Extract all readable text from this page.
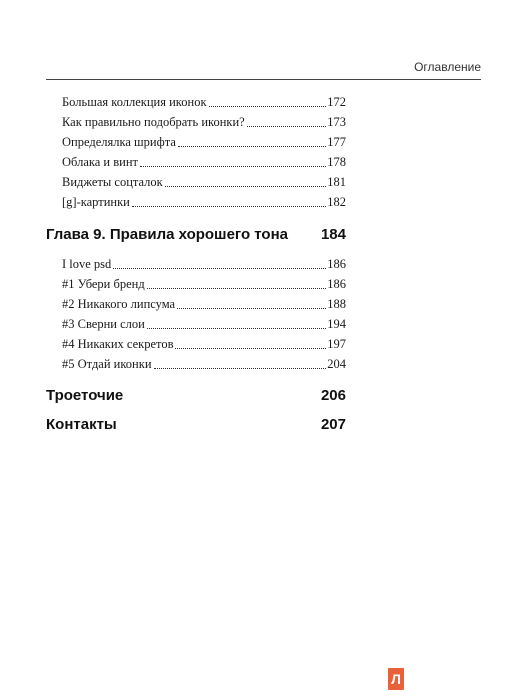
Оглавление
Большая коллекция иконок	172
Как правильно подобрать иконки?	173
Определялка шрифта	177
Облака и винт	178
Виджеты соцталок	181
[g]-картинки	182
Глава 9. Правила хорошего тона 184
I love psd	186
#1 Убери бренд	186
#2 Никакого липсума	188
#3 Сверни слои	194
#4 Никаких секретов	197
#5 Отдай иконки	204
Троеточие	206
Контакты	207
Л
